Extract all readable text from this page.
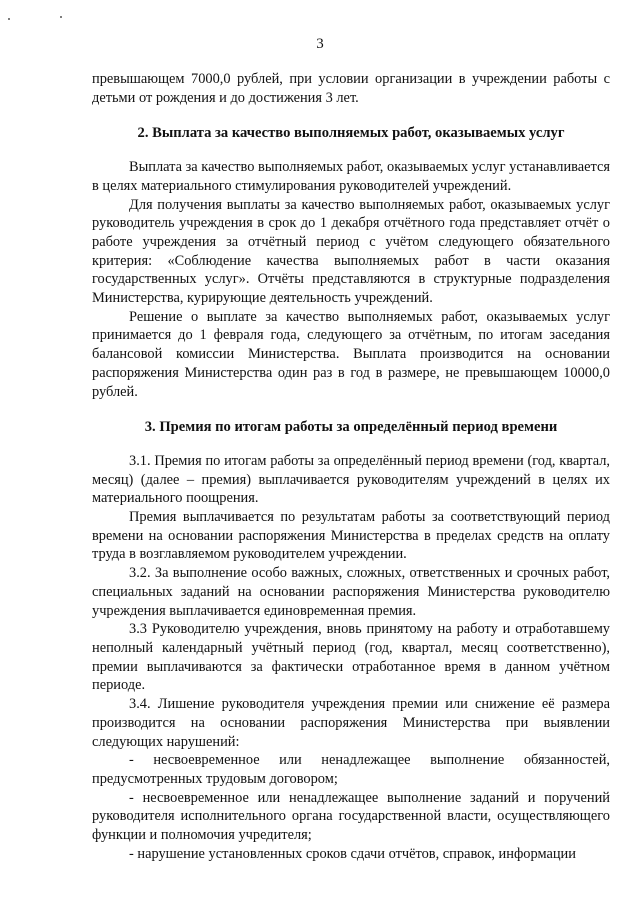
3

превышающем 7000,0 рублей, при условии организации в учреждении работы с детьми от рождения и до достижения 3 лет.

2. Выплата за качество выполняемых работ, оказываемых услуг

Выплата за качество выполняемых работ, оказываемых услуг устанавливается в целях материального стимулирования руководителей учреждений.

Для получения выплаты за качество выполняемых работ, оказываемых услуг руководитель учреждения в срок до 1 декабря отчётного года представляет отчёт о работе учреждения за отчётный период с учётом следующего обязательного критерия: «Соблюдение качества выполняемых работ в части оказания государственных услуг». Отчёты представляются в структурные подразделения Министерства, курирующие деятельность учреждений.

Решение о выплате за качество выполняемых работ, оказываемых услуг принимается до 1 февраля года, следующего за отчётным, по итогам заседания балансовой комиссии Министерства. Выплата производится на основании распоряжения Министерства один раз в год в размере, не превышающем 10000,0 рублей.

3. Премия по итогам работы за определённый период времени

3.1. Премия по итогам работы за определённый период времени (год, квартал, месяц) (далее – премия) выплачивается руководителям учреждений в целях их материального поощрения.

Премия выплачивается по результатам работы за соответствующий период времени на основании распоряжения Министерства в пределах средств на оплату труда в возглавляемом руководителем учреждении.

3.2. За выполнение особо важных, сложных, ответственных и срочных работ, специальных заданий на основании распоряжения Министерства руководителю учреждения выплачивается единовременная премия.

3.3 Руководителю учреждения, вновь принятому на работу и отработавшему неполный календарный учётный период (год, квартал, месяц соответственно), премии выплачиваются за фактически отработанное время в данном учётном периоде.

3.4. Лишение руководителя учреждения премии или снижение её размера производится на основании распоряжения Министерства при выявлении следующих нарушений:

- несвоевременное или ненадлежащее выполнение обязанностей, предусмотренных трудовым договором;

- несвоевременное или ненадлежащее выполнение заданий и поручений руководителя исполнительного органа государственной власти, осуществляющего функции и полномочия учредителя;

- нарушение установленных сроков сдачи отчётов, справок, информации
